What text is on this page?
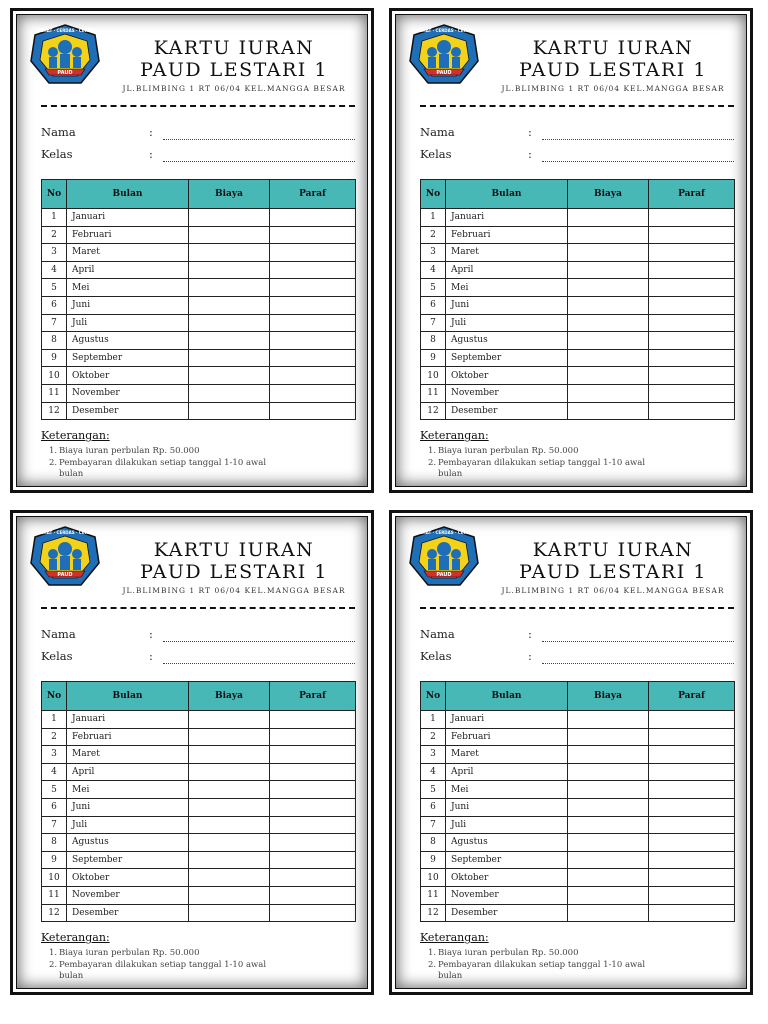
PAUD
SEHAT · CERDAS · CERIA
KARTU IURAN
PAUD LESTARI 1
JL.BLIMBING 1 RT 06/04 KEL.MANGGA BESAR
Nama	:
Kelas	:
No	Bulan	Biaya	Paraf
1	Januari		
2	Februari		
3	Maret		
4	April		
5	Mei		
6	Juni		
7	Juli		
8	Agustus		
9	September		
10	Oktober		
11	November		
12	Desember		
Keterangan:
1. Biaya iuran perbulan Rp. 50.000
2. Pembayaran dilakukan setiap tanggal 1-10 awal bulan
PAUD
SEHAT · CERDAS · CERIA
KARTU IURAN
PAUD LESTARI 1
JL.BLIMBING 1 RT 06/04 KEL.MANGGA BESAR
Nama	:
Kelas	:
No	Bulan	Biaya	Paraf
1	Januari		
2	Februari		
3	Maret		
4	April		
5	Mei		
6	Juni		
7	Juli		
8	Agustus		
9	September		
10	Oktober		
11	November		
12	Desember		
Keterangan:
1. Biaya iuran perbulan Rp. 50.000
2. Pembayaran dilakukan setiap tanggal 1-10 awal bulan
PAUD
SEHAT · CERDAS · CERIA
KARTU IURAN
PAUD LESTARI 1
JL.BLIMBING 1 RT 06/04 KEL.MANGGA BESAR
Nama	:
Kelas	:
No	Bulan	Biaya	Paraf
1	Januari		
2	Februari		
3	Maret		
4	April		
5	Mei		
6	Juni		
7	Juli		
8	Agustus		
9	September		
10	Oktober		
11	November		
12	Desember		
Keterangan:
1. Biaya iuran perbulan Rp. 50.000
2. Pembayaran dilakukan setiap tanggal 1-10 awal bulan
PAUD
SEHAT · CERDAS · CERIA
KARTU IURAN
PAUD LESTARI 1
JL.BLIMBING 1 RT 06/04 KEL.MANGGA BESAR
Nama	:
Kelas	:
No	Bulan	Biaya	Paraf
1	Januari		
2	Februari		
3	Maret		
4	April		
5	Mei		
6	Juni		
7	Juli		
8	Agustus		
9	September		
10	Oktober		
11	November		
12	Desember		
Keterangan:
1. Biaya iuran perbulan Rp. 50.000
2. Pembayaran dilakukan setiap tanggal 1-10 awal bulan
